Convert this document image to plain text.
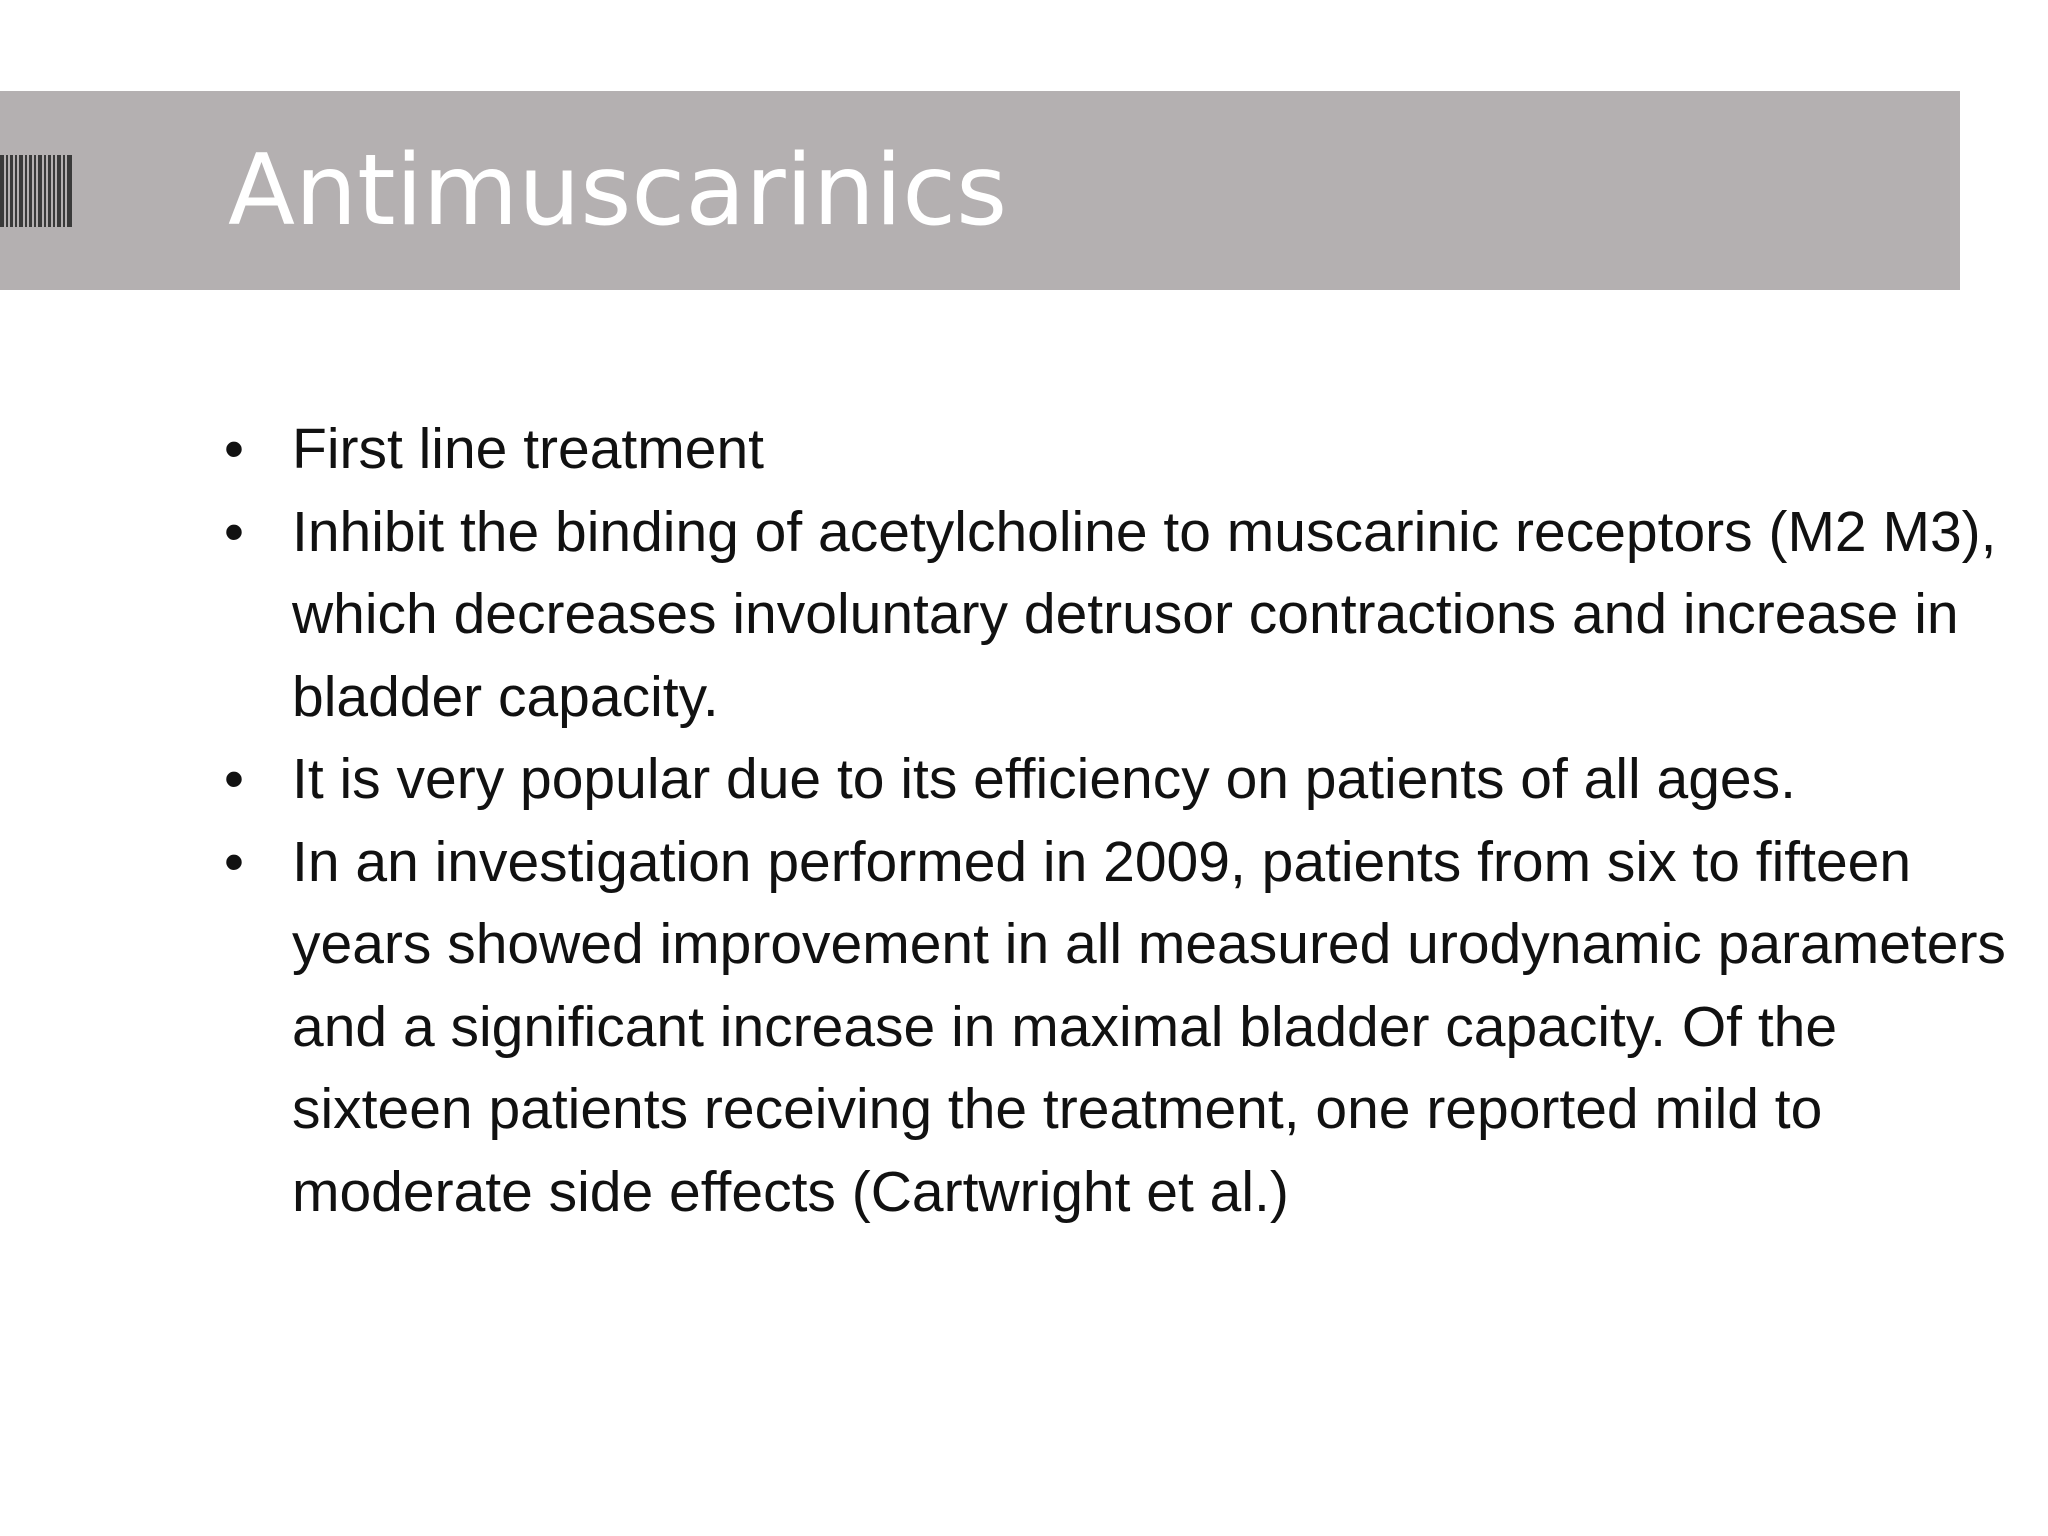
Antimuscarinics
• First line treatment
• Inhibit the binding of acetylcholine to muscarinic receptors (M2 M3), which decreases involuntary detrusor contractions and increase in bladder capacity.
• It is very popular due to its efficiency on patients of all ages.
• In an investigation performed in 2009, patients from six to fifteen years showed improvement in all measured urodynamic parameters and a significant increase in maximal bladder capacity. Of the sixteen patients receiving the treatment, one reported mild to moderate side effects (Cartwright et al.)
